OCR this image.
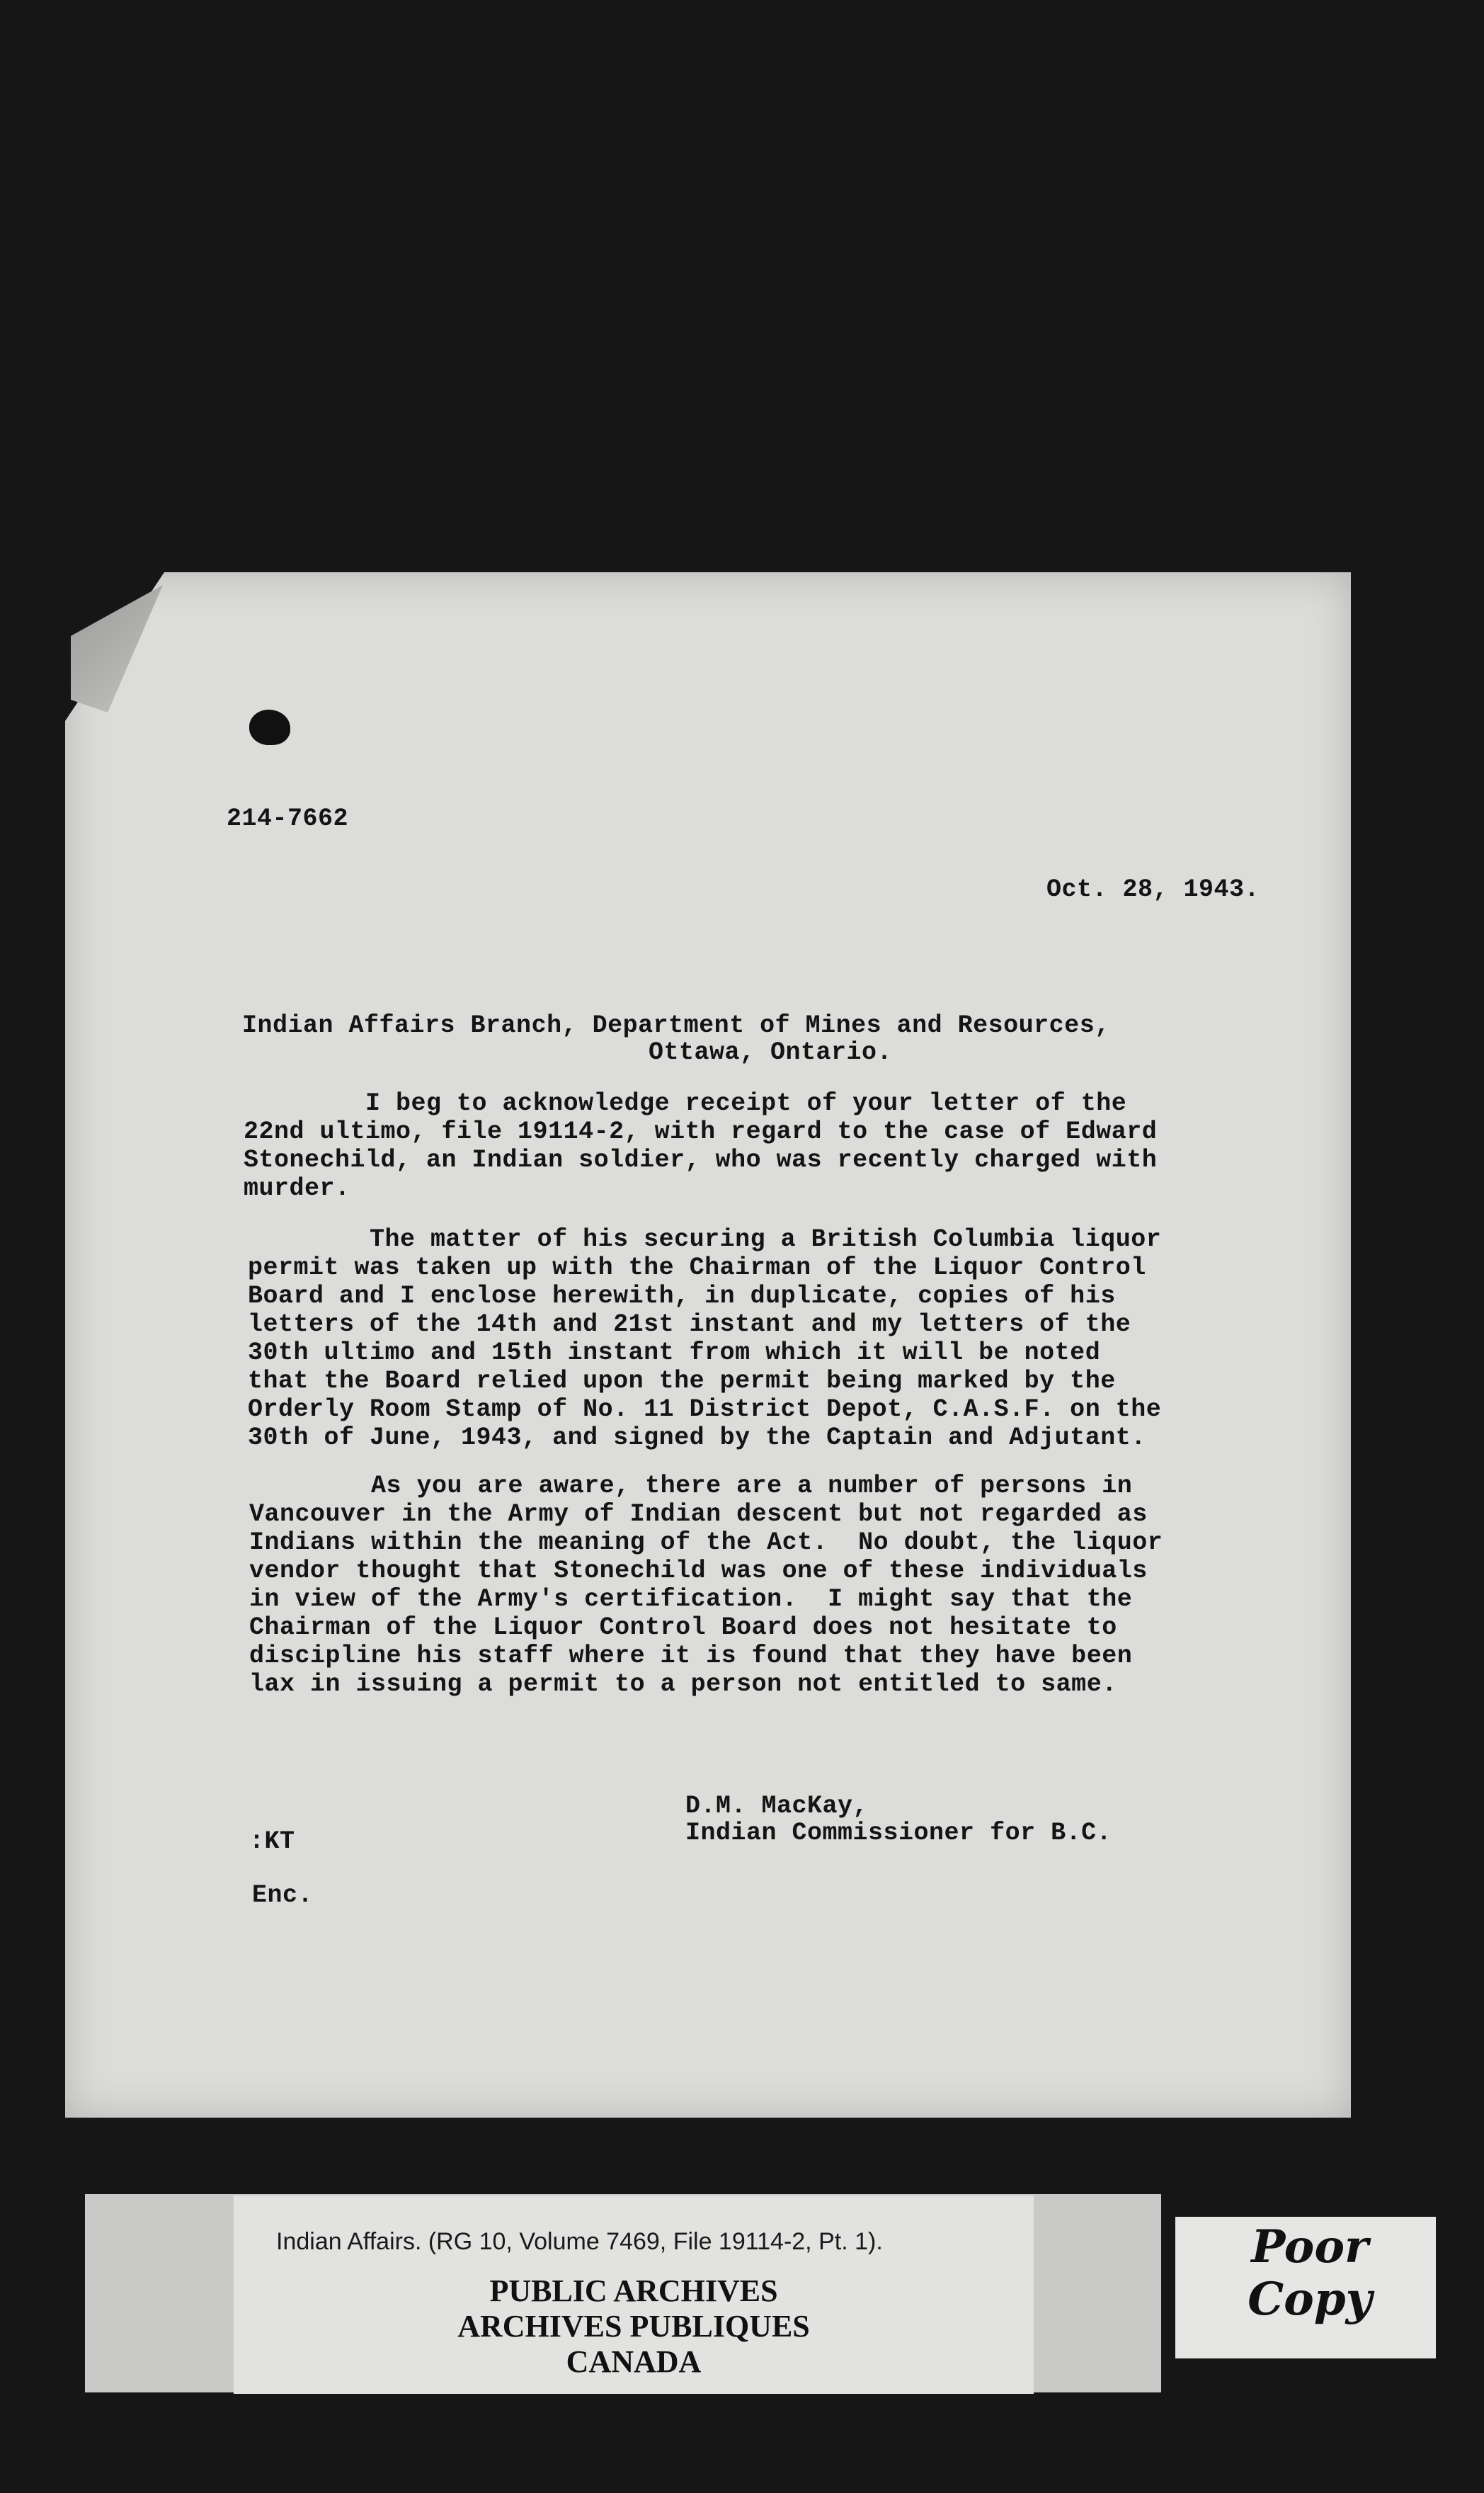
214-7662
Oct. 28, 1943.
Indian Affairs Branch, Department of Mines and Resources,
Ottawa, Ontario.
I beg to acknowledge receipt of your letter of the
22nd ultimo, file 19114-2, with regard to the case of Edward
Stonechild, an Indian soldier, who was recently charged with
murder.
The matter of his securing a British Columbia liquor
permit was taken up with the Chairman of the Liquor Control
Board and I enclose herewith, in duplicate, copies of his
letters of the 14th and 21st instant and my letters of the
30th ultimo and 15th instant from which it will be noted
that the Board relied upon the permit being marked by the
Orderly Room Stamp of No. 11 District Depot, C.A.S.F. on the
30th of June, 1943, and signed by the Captain and Adjutant.
As you are aware, there are a number of persons in
Vancouver in the Army of Indian descent but not regarded as
Indians within the meaning of the Act.  No doubt, the liquor
vendor thought that Stonechild was one of these individuals
in view of the Army's certification.  I might say that the
Chairman of the Liquor Control Board does not hesitate to
discipline his staff where it is found that they have been
lax in issuing a permit to a person not entitled to same.
D.M. MacKay,
Indian Commissioner for B.C.
:KT
Enc.
Indian Affairs. (RG 10, Volume 7469, File 19114-2, Pt. 1).
PUBLIC ARCHIVES
ARCHIVES PUBLIQUES
CANADA
Poor
Copy
